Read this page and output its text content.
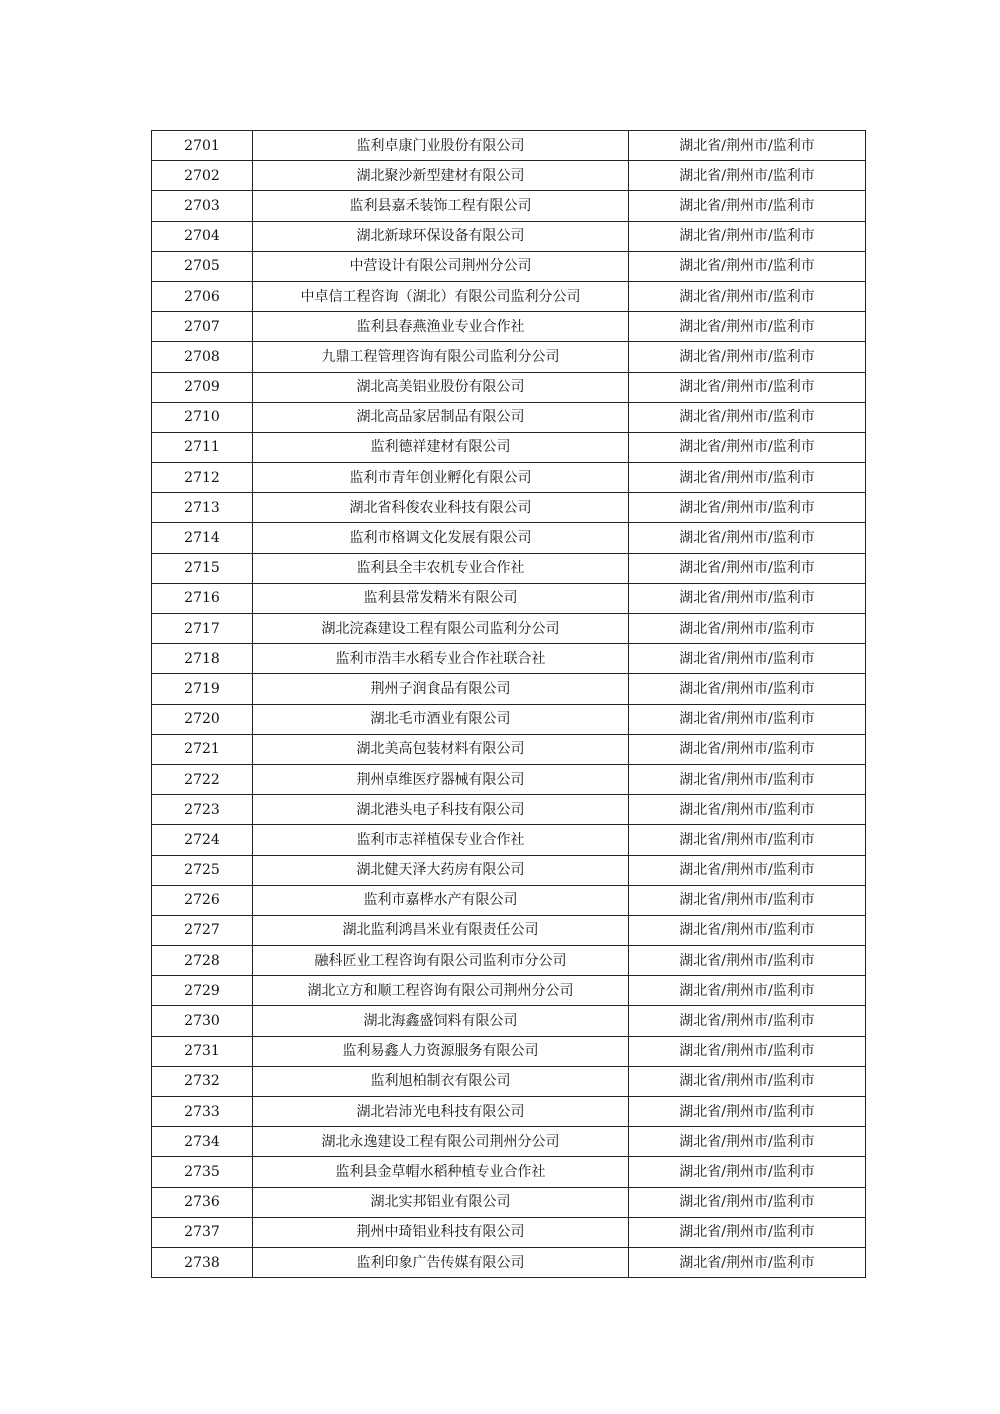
2701	监利卓康门业股份有限公司	湖北省/荆州市/监利市
2702	湖北聚沙新型建材有限公司	湖北省/荆州市/监利市
2703	监利县嘉禾装饰工程有限公司	湖北省/荆州市/监利市
2704	湖北新球环保设备有限公司	湖北省/荆州市/监利市
2705	中营设计有限公司荆州分公司	湖北省/荆州市/监利市
2706	中卓信工程咨询（湖北）有限公司监利分公司	湖北省/荆州市/监利市
2707	监利县春燕渔业专业合作社	湖北省/荆州市/监利市
2708	九鼎工程管理咨询有限公司监利分公司	湖北省/荆州市/监利市
2709	湖北高美铝业股份有限公司	湖北省/荆州市/监利市
2710	湖北高品家居制品有限公司	湖北省/荆州市/监利市
2711	监利德祥建材有限公司	湖北省/荆州市/监利市
2712	监利市青年创业孵化有限公司	湖北省/荆州市/监利市
2713	湖北省科俊农业科技有限公司	湖北省/荆州市/监利市
2714	监利市格调文化发展有限公司	湖北省/荆州市/监利市
2715	监利县全丰农机专业合作社	湖北省/荆州市/监利市
2716	监利县常发精米有限公司	湖北省/荆州市/监利市
2717	湖北浣森建设工程有限公司监利分公司	湖北省/荆州市/监利市
2718	监利市浩丰水稻专业合作社联合社	湖北省/荆州市/监利市
2719	荆州子润食品有限公司	湖北省/荆州市/监利市
2720	湖北毛市酒业有限公司	湖北省/荆州市/监利市
2721	湖北美高包装材料有限公司	湖北省/荆州市/监利市
2722	荆州卓维医疗器械有限公司	湖北省/荆州市/监利市
2723	湖北港头电子科技有限公司	湖北省/荆州市/监利市
2724	监利市志祥植保专业合作社	湖北省/荆州市/监利市
2725	湖北健天泽大药房有限公司	湖北省/荆州市/监利市
2726	监利市嘉桦水产有限公司	湖北省/荆州市/监利市
2727	湖北监利鸿昌米业有限责任公司	湖北省/荆州市/监利市
2728	融科匠业工程咨询有限公司监利市分公司	湖北省/荆州市/监利市
2729	湖北立方和顺工程咨询有限公司荆州分公司	湖北省/荆州市/监利市
2730	湖北海鑫盛饲料有限公司	湖北省/荆州市/监利市
2731	监利易鑫人力资源服务有限公司	湖北省/荆州市/监利市
2732	监利旭柏制衣有限公司	湖北省/荆州市/监利市
2733	湖北岩沛光电科技有限公司	湖北省/荆州市/监利市
2734	湖北永逸建设工程有限公司荆州分公司	湖北省/荆州市/监利市
2735	监利县金草帽水稻种植专业合作社	湖北省/荆州市/监利市
2736	湖北实邦铝业有限公司	湖北省/荆州市/监利市
2737	荆州中琦铝业科技有限公司	湖北省/荆州市/监利市
2738	监利印象广告传媒有限公司	湖北省/荆州市/监利市
